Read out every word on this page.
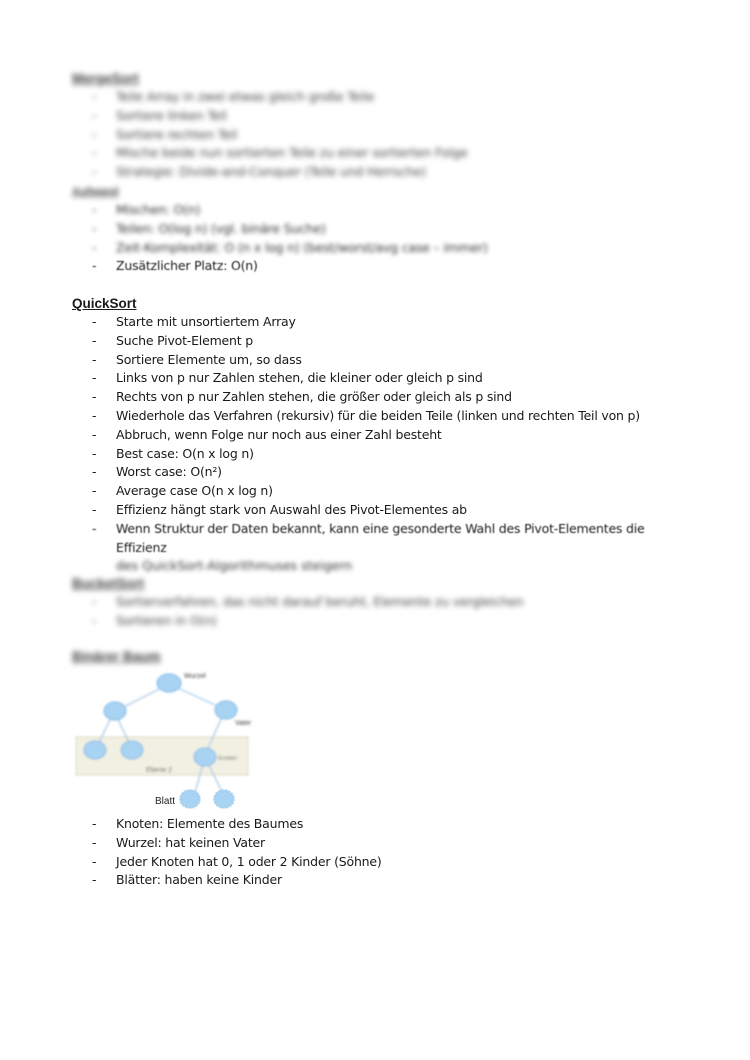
MergeSort
- Teile Array in zwei etwas gleich große Teile
- Sortiere linken Teil
- Sortiere rechten Teil
- Mische beide nun sortierten Teile zu einer sortierten Folge
- Strategie: Divide-and-Conquer (Teile und Herrsche)
Aufwand
- Mischen: O(n)
- Teilen: O(log n) (vgl. binäre Suche)
- Zeit-Komplexität: O (n x log n) (best/worst/avg case – immer)
- Zusätzlicher Platz: O(n)
QuickSort
- Starte mit unsortiertem Array
- Suche Pivot-Element p
- Sortiere Elemente um, so dass
- Links von p nur Zahlen stehen, die kleiner oder gleich p sind
- Rechts von p nur Zahlen stehen, die größer oder gleich als p sind
- Wiederhole das Verfahren (rekursiv) für die beiden Teile (linken und rechten Teil von p)
- Abbruch, wenn Folge nur noch aus einer Zahl besteht
- Best case: O(n x log n)
- Worst case: O(n²)
- Average case O(n x log n)
- Effizienz hängt stark von Auswahl des Pivot-Elementes ab
- Wenn Struktur der Daten bekannt, kann eine gesonderte Wahl des Pivot-Elementes die Effizienz
des QuickSort-Algorithmuses steigern
BucketSort
- Sortierverfahren, das nicht darauf beruht, Elemente zu vergleichen
- Sortieren in O(n)
Binärer Baum
Wurzel
Vater
Knoten
Ebene 2
Blatt
- Knoten: Elemente des Baumes
- Wurzel: hat keinen Vater
- Jeder Knoten hat 0, 1 oder 2 Kinder (Söhne)
- Blätter: haben keine Kinder
